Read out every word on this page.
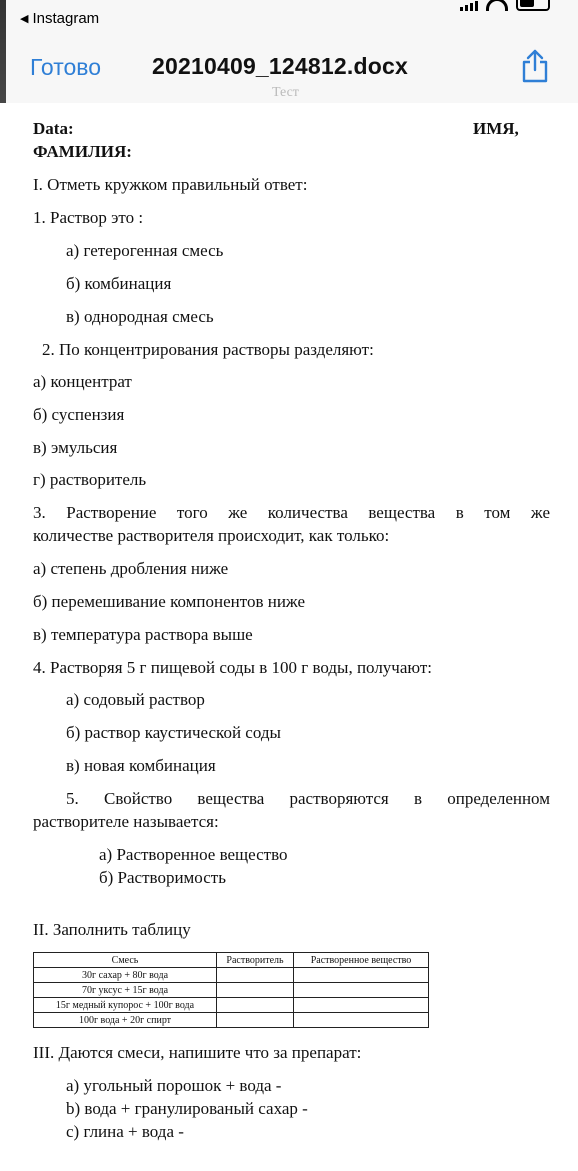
◀ Instagram
Готово 20210409_124812.docx
Тест
Data:	ИМЯ,
ФАМИЛИЯ:
I. Отметь кружком правильный ответ:
1. Раствор это :
а) гетерогенная смесь
б) комбинация
в) однородная смесь
2. По концентрирования растворы разделяют:
а) концентрат
б) суспензия
в) эмульсия
г) растворитель
3. Растворение того же количества вещества в том же
количестве растворителя происходит, как только:
а) степень дробления ниже
б) перемешивание компонентов ниже
в) температура раствора выше
4. Растворяя 5 г пищевой соды в 100 г воды, получают:
а) содовый раствор
б) раствор каустической соды
в) новая комбинация
5. Свойство вещества растворяются в определенном
растворителе называется:
а) Растворенное вещество
б) Растворимость
II. Заполнить таблицу
Смесь	Растворитель	Растворенное вещество
30г сахар + 80г вода		
70г уксус + 15г вода		
15г медный купорос + 100г вода		
100г вода + 20г спирт		
III. Даются смеси, напишите что за препарат:
a) угольный порошок + вода -
b) вода + гранулированый сахар -
c) глина + вода -
